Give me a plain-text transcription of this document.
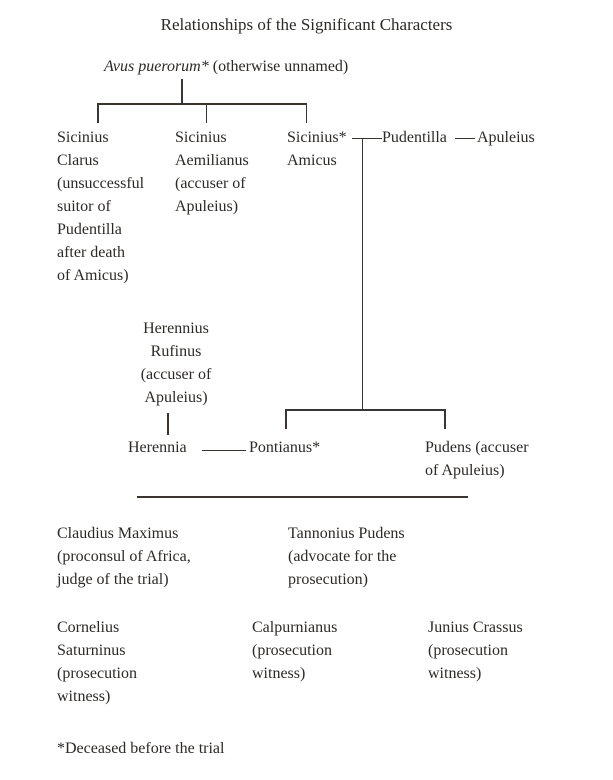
Relationships of the Significant Characters
Avus puerorum* (otherwise unnamed)
Sicinius
Clarus
(unsuccessful
suitor of
Pudentilla
after death
of Amicus)
Sicinius
Aemilianus
(accuser of
Apuleius)
Sicinius*
Amicus
Pudentilla Apuleius
Herennius
Rufinus
(accuser of
Apuleius)
Herennia	Pontianus*	Pudens (accuser
of Apuleius)
Claudius Maximus
(proconsul of Africa,
judge of the trial)
Tannonius Pudens
(advocate for the
prosecution)
Cornelius
Saturninus
(prosecution
witness)
Calpurnianus
(prosecution
witness)
Junius Crassus
(prosecution
witness)
*Deceased before the trial
